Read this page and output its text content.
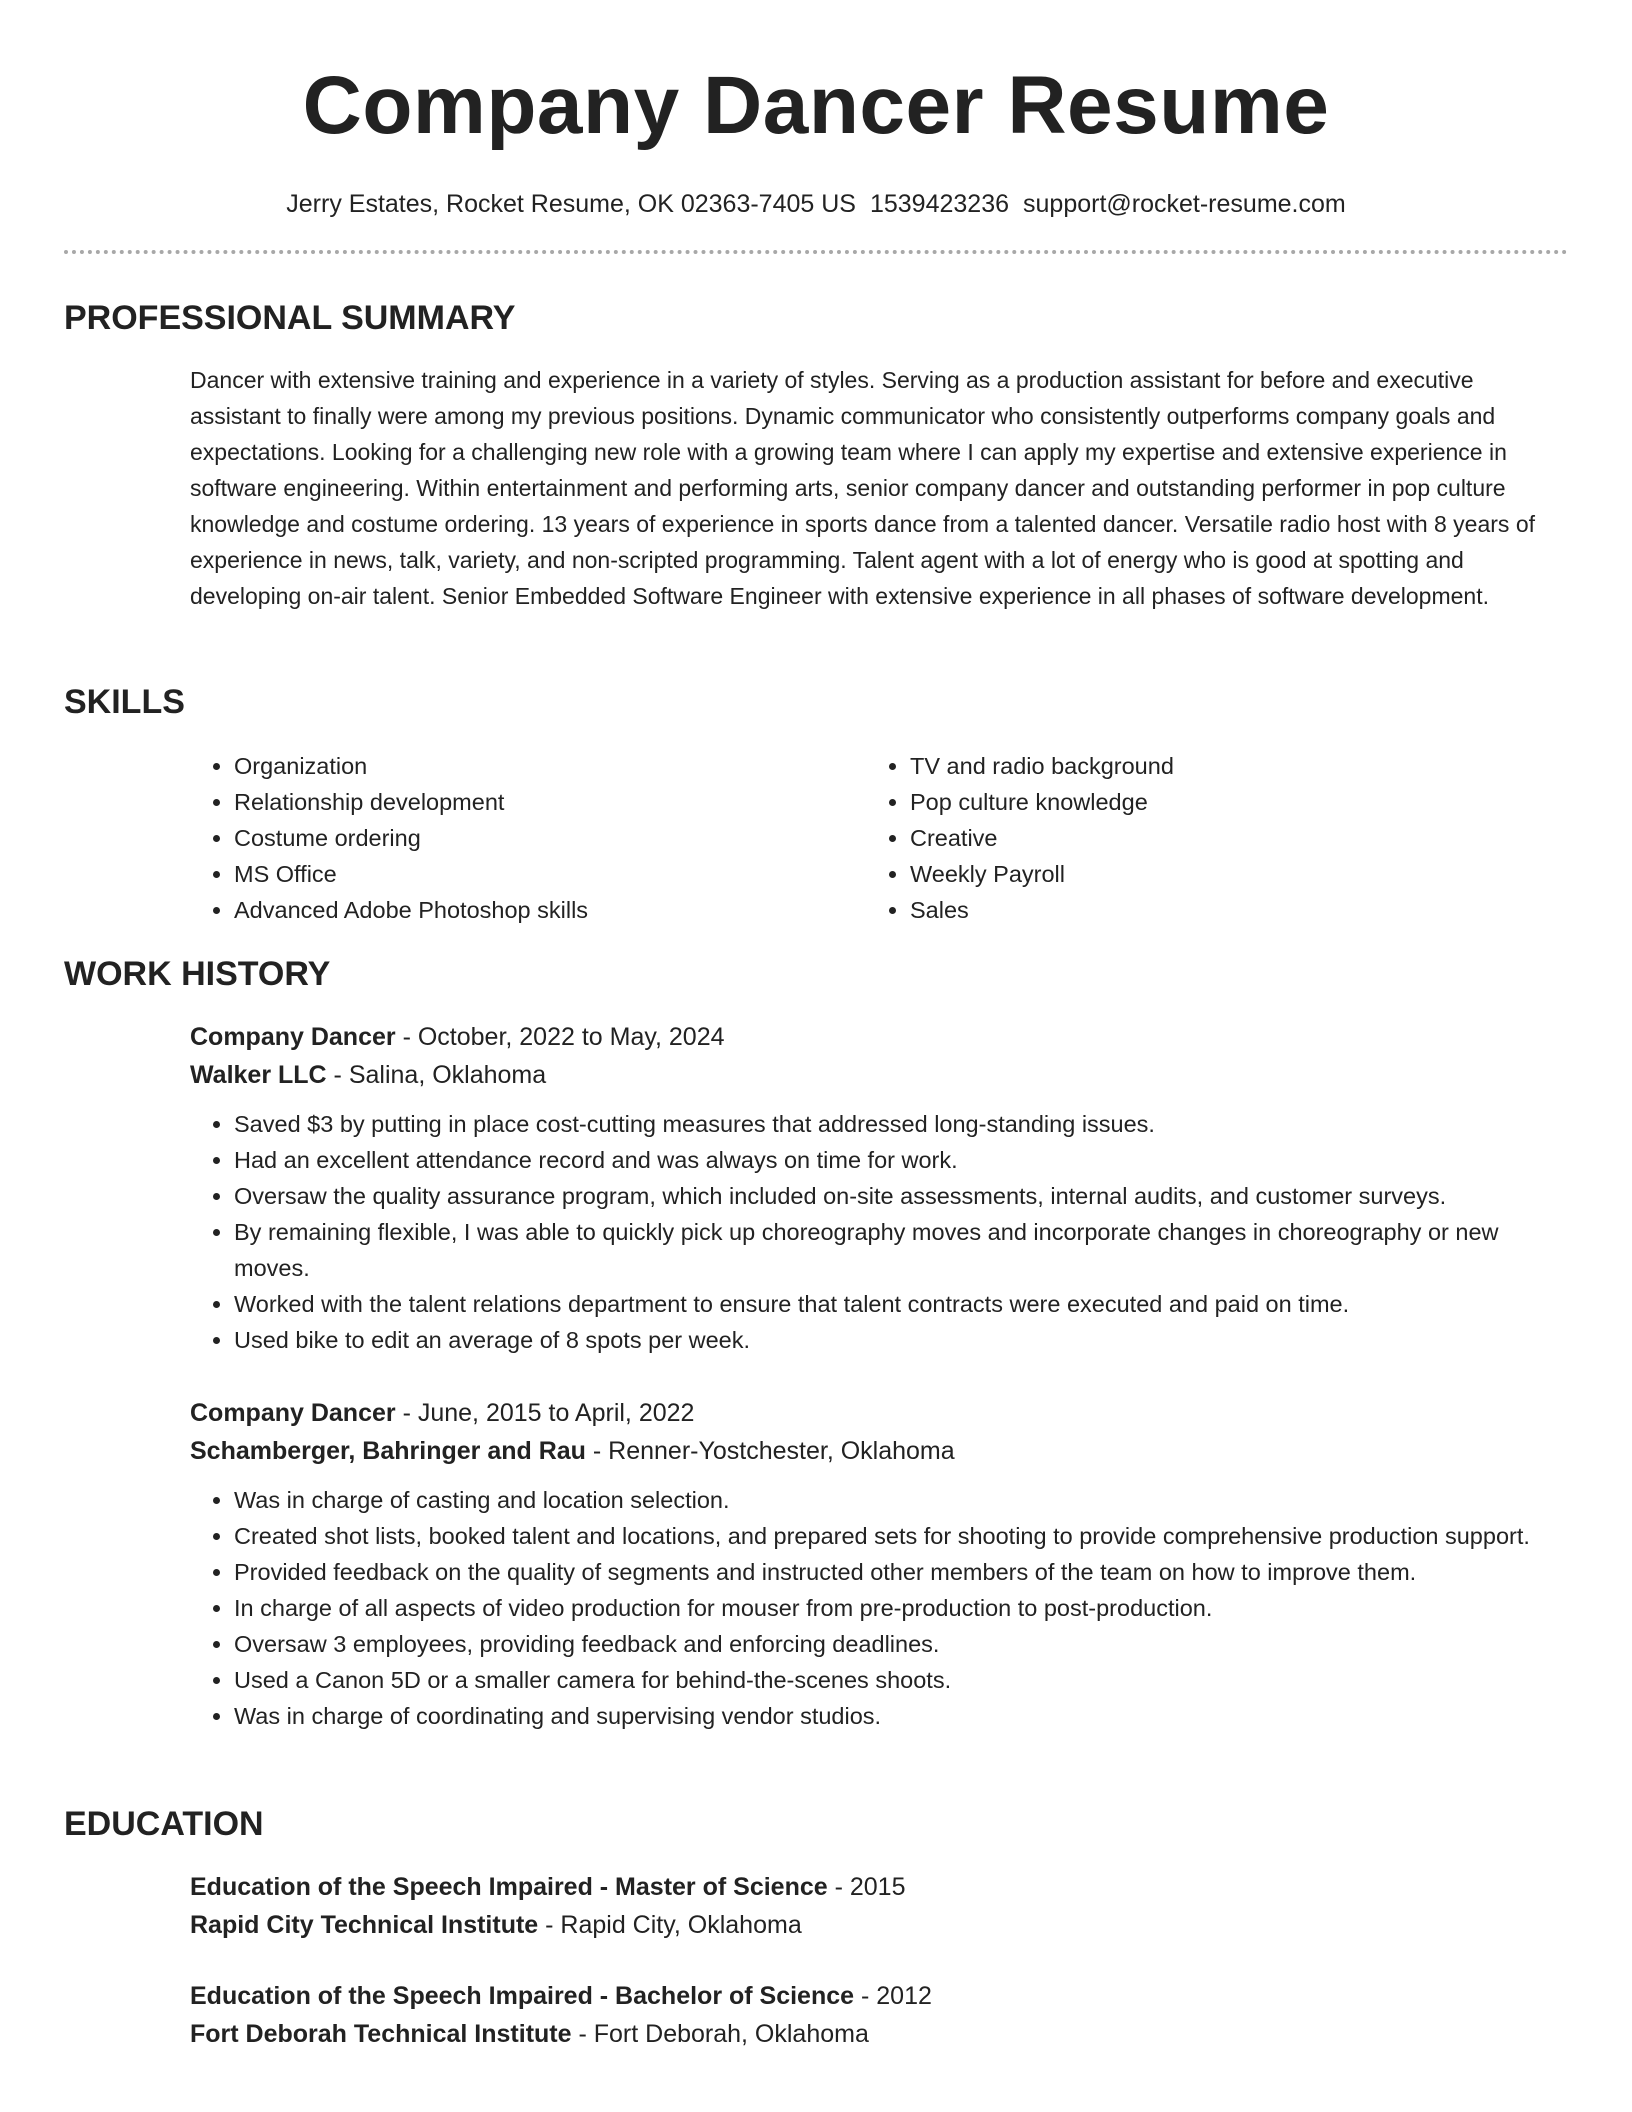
Company Dancer Resume
Jerry Estates, Rocket Resume, OK 02363-7405 US 1539423236 support@rocket-resume.com
PROFESSIONAL SUMMARY

Dancer with extensive training and experience in a variety of styles. Serving as a production assistant for before and executive assistant to finally were among my previous positions. Dynamic communicator who consistently outperforms company goals and expectations. Looking for a challenging new role with a growing team where I can apply my expertise and extensive experience in software engineering. Within entertainment and performing arts, senior company dancer and outstanding performer in pop culture knowledge and costume ordering. 13 years of experience in sports dance from a talented dancer. Versatile radio host with 8 years of experience in news, talk, variety, and non-scripted programming. Talent agent with a lot of energy who is good at spotting and developing on-air talent. Senior Embedded Software Engineer with extensive experience in all phases of software development.

SKILLS
• Organization
• Relationship development
• Costume ordering
• MS Office
• Advanced Adobe Photoshop skills
• TV and radio background
• Pop culture knowledge
• Creative
• Weekly Payroll
• Sales
WORK HISTORY
Company Dancer - October, 2022 to May, 2024
Walker LLC - Salina, Oklahoma
• Saved $3 by putting in place cost-cutting measures that addressed long-standing issues.
• Had an excellent attendance record and was always on time for work.
• Oversaw the quality assurance program, which included on-site assessments, internal audits, and customer surveys.
• By remaining flexible, I was able to quickly pick up choreography moves and incorporate changes in choreography or new moves.
• Worked with the talent relations department to ensure that talent contracts were executed and paid on time.
• Used bike to edit an average of 8 spots per week.
Company Dancer - June, 2015 to April, 2022
Schamberger, Bahringer and Rau - Renner-Yostchester, Oklahoma
• Was in charge of casting and location selection.
• Created shot lists, booked talent and locations, and prepared sets for shooting to provide comprehensive production support.
• Provided feedback on the quality of segments and instructed other members of the team on how to improve them.
• In charge of all aspects of video production for mouser from pre-production to post-production.
• Oversaw 3 employees, providing feedback and enforcing deadlines.
• Used a Canon 5D or a smaller camera for behind-the-scenes shoots.
• Was in charge of coordinating and supervising vendor studios.
EDUCATION
Education of the Speech Impaired - Master of Science - 2015
Rapid City Technical Institute - Rapid City, Oklahoma
Education of the Speech Impaired - Bachelor of Science - 2012
Fort Deborah Technical Institute - Fort Deborah, Oklahoma
